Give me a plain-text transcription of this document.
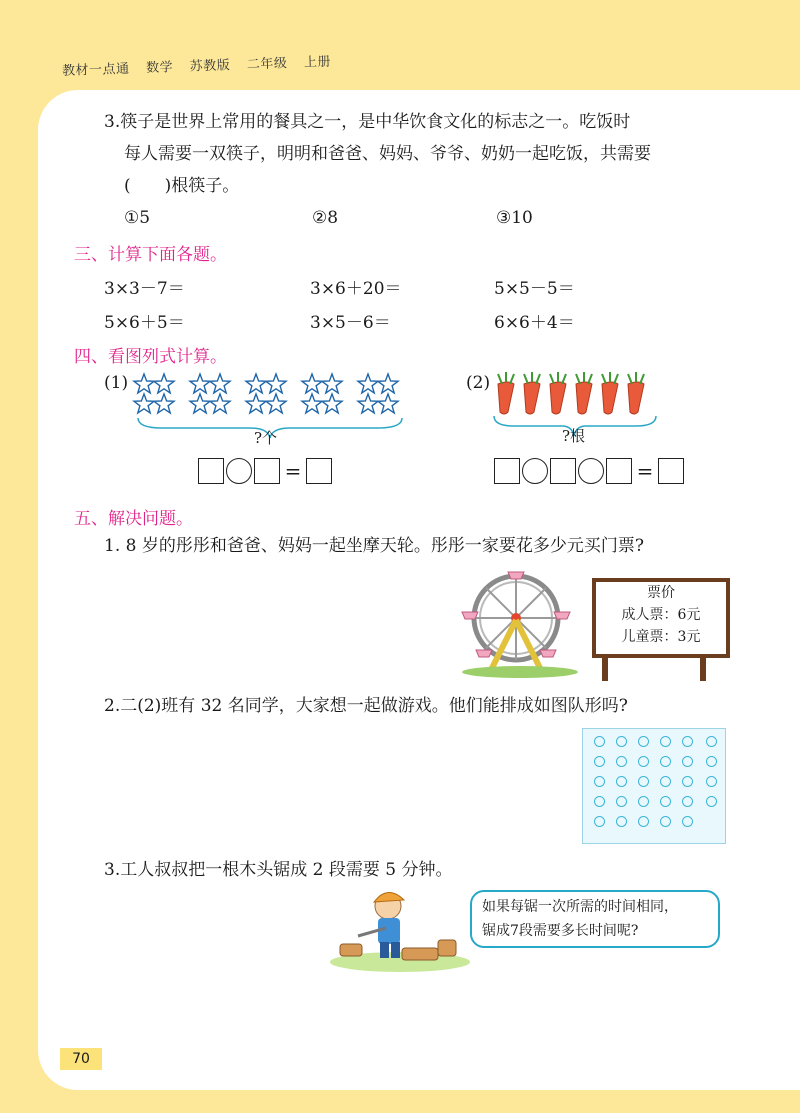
教材一点通 数学 苏教版 二年级 上册
3.筷子是世界上常用的餐具之一，是中华饮食文化的标志之一。吃饭时
每人需要一双筷子，明明和爸爸、妈妈、爷爷、奶奶一起吃饭，共需要
(　　)根筷子。
①5	②8	③10
三、计算下面各题。
3×3－7＝	3×6＋20＝	5×5－5＝
5×6＋5＝	3×5－6＝	6×6＋4＝
四、看图列式计算。
(1)
?个
=
(2)
?根
=
五、解决问题。
1. 8 岁的彤彤和爸爸、妈妈一起坐摩天轮。彤彤一家要花多少元买门票?
票价
成人票：6元
儿童票：3元
2.二(2)班有 32 名同学，大家想一起做游戏。他们能排成如图队形吗?
3.工人叔叔把一根木头锯成 2 段需要 5 分钟。
如果每锯一次所需的时间相同，
锯成7段需要多长时间呢?
70
